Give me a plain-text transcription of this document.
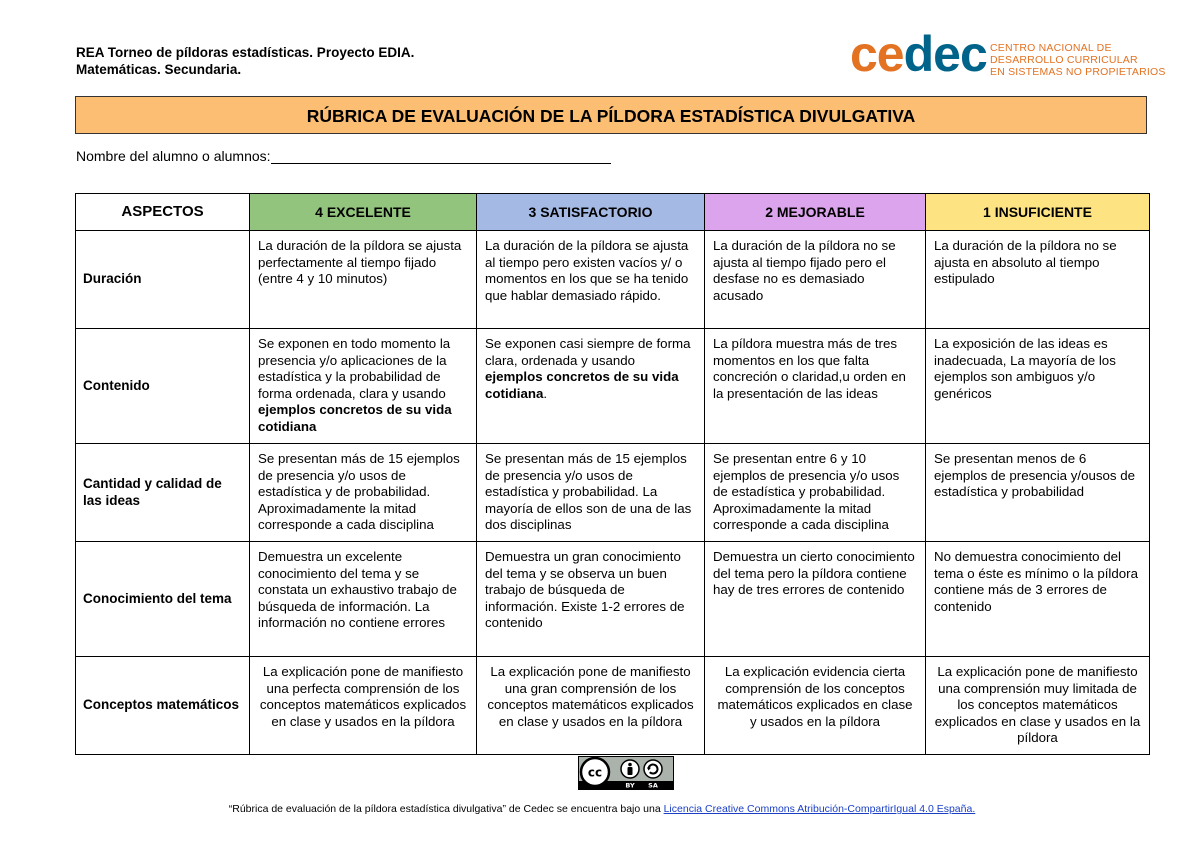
REA Torneo de píldoras estadísticas. Proyecto EDIA.
Matemáticas. Secundaria.	cedec CENTRO NACIONAL DE
DESARROLLO CURRICULAR
EN SISTEMAS NO PROPIETARIOS
RÚBRICA DE EVALUACIÓN DE LA PÍLDORA ESTADÍSTICA DIVULGATIVA
Nombre del alumno o alumnos:
ASPECTOS	4 EXCELENTE	3 SATISFACTORIO	2 MEJORABLE	1 INSUFICIENTE
Duración	La duración de la píldora se ajusta perfectamente al tiempo fijado (entre 4 y 10 minutos)	La duración de la píldora se ajusta al tiempo pero existen vacíos y/ o momentos en los que se ha tenido que hablar demasiado rápido.	La duración de la píldora no se ajusta al tiempo fijado pero el desfase no es demasiado acusado	La duración de la píldora no se ajusta en absoluto al tiempo estipulado
Contenido	Se exponen en todo momento la presencia y/o aplicaciones de la estadística y la probabilidad de forma ordenada, clara y usando ejemplos concretos de su vida cotidiana	Se exponen casi siempre de forma clara, ordenada y usando ejemplos concretos de su vida cotidiana.	La píldora muestra más de tres momentos en los que falta concreción o claridad,u orden en la presentación de las ideas	La exposición de las ideas es inadecuada, La mayoría de los ejemplos son ambiguos y/o genéricos
Cantidad y calidad de las ideas	Se presentan más de 15 ejemplos de presencia y/o usos de estadística y de probabilidad. Aproximadamente la mitad corresponde a cada disciplina	Se presentan más de 15 ejemplos de presencia y/o usos de estadística y probabilidad. La mayoría de ellos son de una de las dos disciplinas	Se presentan entre 6 y 10 ejemplos de presencia y/o usos de estadística y probabilidad. Aproximadamente la mitad corresponde a cada disciplina	Se presentan menos de 6 ejemplos de presencia y/ousos de estadística y probabilidad
Conocimiento del tema	Demuestra un excelente conocimiento del tema y se constata un exhaustivo trabajo de búsqueda de información. La información no contiene errores	Demuestra un gran conocimiento del tema y se observa un buen trabajo de búsqueda de información. Existe 1-2 errores de contenido	Demuestra un cierto conocimiento del tema pero la píldora contiene hay de tres errores de contenido	No demuestra conocimiento del tema o éste es mínimo o la píldora contiene más de 3 errores de contenido
Conceptos matemáticos	La explicación pone de manifiesto una perfecta comprensión de los conceptos matemáticos explicados en clase y usados en la píldora	La explicación pone de manifiesto una gran comprensión de los conceptos matemáticos explicados en clase y usados en la píldora	La explicación evidencia cierta comprensión de los conceptos matemáticos explicados en clase y usados en la píldora	La explicación pone de manifiesto una comprensión muy limitada de los conceptos matemáticos explicados en clase y usados en la píldora
cc
BY SA
“Rúbrica de evaluación de la píldora estadística divulgativa” de Cedec se encuentra bajo una Licencia Creative Commons Atribución-CompartirIgual 4.0 España.
